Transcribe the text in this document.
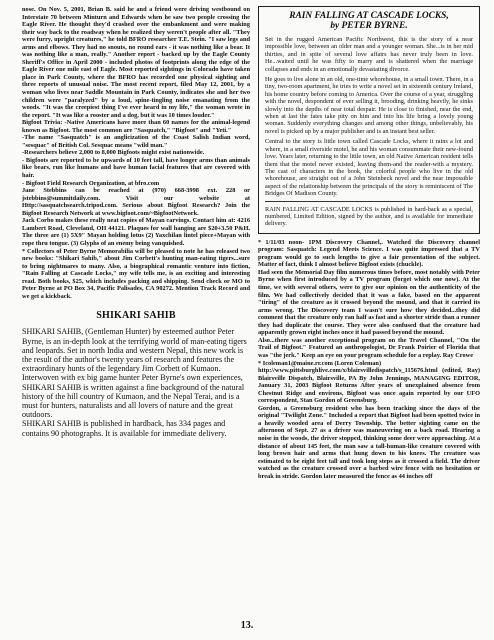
nose. On Nov. 5, 2001, Brian B. said he and a friend were driving westbound on Interstate 70 between Minturn and Edwards when he saw two people crossing the Eagle River. He thought they'd crashed over the embankment and were making their way back to the roadway when he realized they weren't people after all. "They were furry, upright creatures," he told BFRO researcher T.E. Stein. "I saw legs and arms and elbows. They had no snouts, no round ears - it was nothing like a bear. It was nothing like a man, really." Another report - backed up by the Eagle County Sheriff's Office in April 2000 - included photos of footprints along the edge of the Eagle River one mile east of Eagle. Most reported sightings in Colorado have taken place in Park County, where the BFRO has recorded one physical sighting and three reports of unusual noise. The most recent report, filed May 12, 2001, by a woman who lives near Saddle Mountain in Park County, indicates she and her two children were "paralyzed" by a loud, spine-tingling noise emanating from the woods. "It was the creepiest thing I've ever heard in my life," the woman wrote in the report. "It was like a rooster and a dog, but it was 10 times louder."

Bigfoot Trivia: -Native Americans have more than 60 names for the animal-legend known as Bigfoot. The most common are "Sasquatch," "Bigfoot" and "Yeti."

-The name "Sasquatch" is an anglicization of the Coast Salish Indian word, "sesquac" of British Col. Sesquac means "wild man."

-Researchers believe 2,000 to 8,000 Bigfoots might exist nationwide.

- Bigfoots are reported to be upwards of 10 feet tall, have longer arms than animals like bears, run like humans and have human facial features that are covered with hair.

- Bigfoot Field Research Organization, at bfro.com

Jane Stebbins can be reached at (970) 668-3998 ext. 228 or jstebbins@summitdaily.com. Visit our website at Http://sasquatchsearch.tripod.com. Serious about Bigfoot Research? Join the Bigfoot Research Network at www.bigfoot.com/~BigfootNetwork.

Jack Corbo makes these really neat copies of Mayan carvings. Contact him at: 4216 Lambert Road, Cleveland, OH 44121. Plaques for wall hanging are $20+3.50 P&H. The three are (1) 5X9" Mayan holding lotus (2) Yaxchilan lintel piece+Mayan with rope thru tongue. (3) Glyphs of an enemy being vanquished.

* Collectors of Peter Byrne Memorabilia will be pleased to note he has released two new books: "Shikari Sahib," about Jim Corbett's hunting man-eating tigers...sure to bring nightmares to many. Also, a biographical romantic venture into fiction, "Rain Falling at Cascade Locks," my wife tells me, is an exciting and interesting read. Both books, $25, which includes packing and shipping. Send check or MO to Peter Byrne at PO Box 34, Pacific Palisades, CA 90272. Mention Track Record and we get a kickback.

SHIKARI SAHIB

SHIKARI SAHIB, (Gentleman Hunter) by esteemed author Peter Byrne, is an in-depth look at the terrifying world of man-eating tigers and leopards. Set in north India and western Nepal, this new work is the result of the author's twenty years of research and features the extraordinary hunts of the legendary Jim Corbett of Kumaon.

Interwoven with ex big game hunter Peter Byrne's own experiences, SHIKARI SAHIB is written against a fine background of the natural history of the hill country of Kumaon, and the Nepal Terai, and is a must for hunters, naturalists and all lovers of nature and the great outdoors.

SHIKARI SAHIB is published in hardback, has 334 pages and contains 90 photographs. It is available for immediate delivery.

RAIN FALLING AT CASCADE LOCKS,

by PETER BYRNE.

Set in the rugged American Pacific Northwest, this is the story of a near impossible love, between an older man and a younger woman. She...is in her mid thirties, and in spite of several love affairs has never truly been in love. He...waited until he was fifty to marry and is shattered when the marriage collapses and ends in an emotionally devastating divorce.

He goes to live alone in an old, one-time whorehouse, in a small town. There, in a tiny, two-room apartment, he tries to write a novel set in sixteenth century Ireland, his home country before coming to America. Over the course of a year, struggling with the novel, despondent of ever selling it, brooding, drinking heavily, he sinks slowly into the depths of near total despair. He is close to finished, near the end, when at last the fates take pity on him and into his life bring a lovely young woman. Suddenly everything changes and among other things, unbelievably, his novel is picked up by a major publisher and is an instant best seller.

Central to the story is little town called Cascade Locks, where it rains a lot and where, in a small riverside motel, he and his woman consummate their new-found love. Years later, returning to the little town, an old Native American resident tells them that the motel never existed, leaving them-and the reader-with a mystery. The cast of characters in the book, the colorful people who live in the old whorehouse, are straight out of a John Steinbeck novel and the near impossible aspect of the relationship between the principals of the story is reminiscent of The Bridges Of Madison County.

RAIN FALLING AT CASCADE LOCKS is published in hard-back as a special, numbered, Limited Edition, signed by the author, and is available for immediate delivery.

* 1/11/03 noon- 1PM Discovery Channel,. Watched the Discovery channel program: Sasquatch: Legend Meets Science. I was quite impressed that a TV program would go to such lengths to give a fair presentation of the subject. Matter of fact, think I almost believe Bigfoot exists (chuckle).

Had seen the Memorial Day film numerous times before, most notably with Peter Byrne when first introduced by a TV program (forget which one now). At the time, we with several others, were to give our opinion on the authenticity of the film. We had collectively decided that it was a fake, based on the apparent "tiring" of the creature as it crossed beyond the mound, and that it carried its arms wrong. The Discovery team I wasn't sure how they decided...they did comment that the creature only ran half as fast and a shorter stride than a runner they had duplicate the course. They were also confused that the creature had apparently grown eight inches once it had passed beyond the mound.

Also...there was another exceptional program on the Travel Channel, "On the Trail of Bigfoot." Featured an anthropologist, Dr Frank Poirier of Florida that was "the jerk." Keep an eye on your program schedule for a replay. Ray Crowe

* Icoleman1@maine.rr.com (Loren Coleman)

http://www.pittsburghlive.com/x/blairsvilledispatch/s_115676.html (edited, Ray) Blairsville Dispatch, Blairsville, PA By John Jennings, MANAGING EDITOR, January 31, 2003 Bigfoot Returns After years of unexplained absence from Chestnut Ridge and environs, Bigfoot was once again reported by our UFO correspondent, Stan Gordon of Greensburg.

Gordon, a Greensburg resident who has been tracking since the days of the original "Twilight Zone." Included a report that Bigfoot had been spotted twice in a heavily wooded area of Derry Township. The better sighting came on the afternoon of Sept. 27 as a driver was maneuvering on a back road. Hearing a noise in the woods, the driver stopped, thinking some deer were approaching. At a distance of about 145 feet, the man saw a tall-human-like creature covered with long brown hair and arms that hung down to his knees. The creature was estimated to be eight feet tall and took long steps as it crossed a field. The driver watched as the creature crossed over a barbed wire fence with no hesitation or break in stride. Gordon later measured the fence as 44 inches off

13.
